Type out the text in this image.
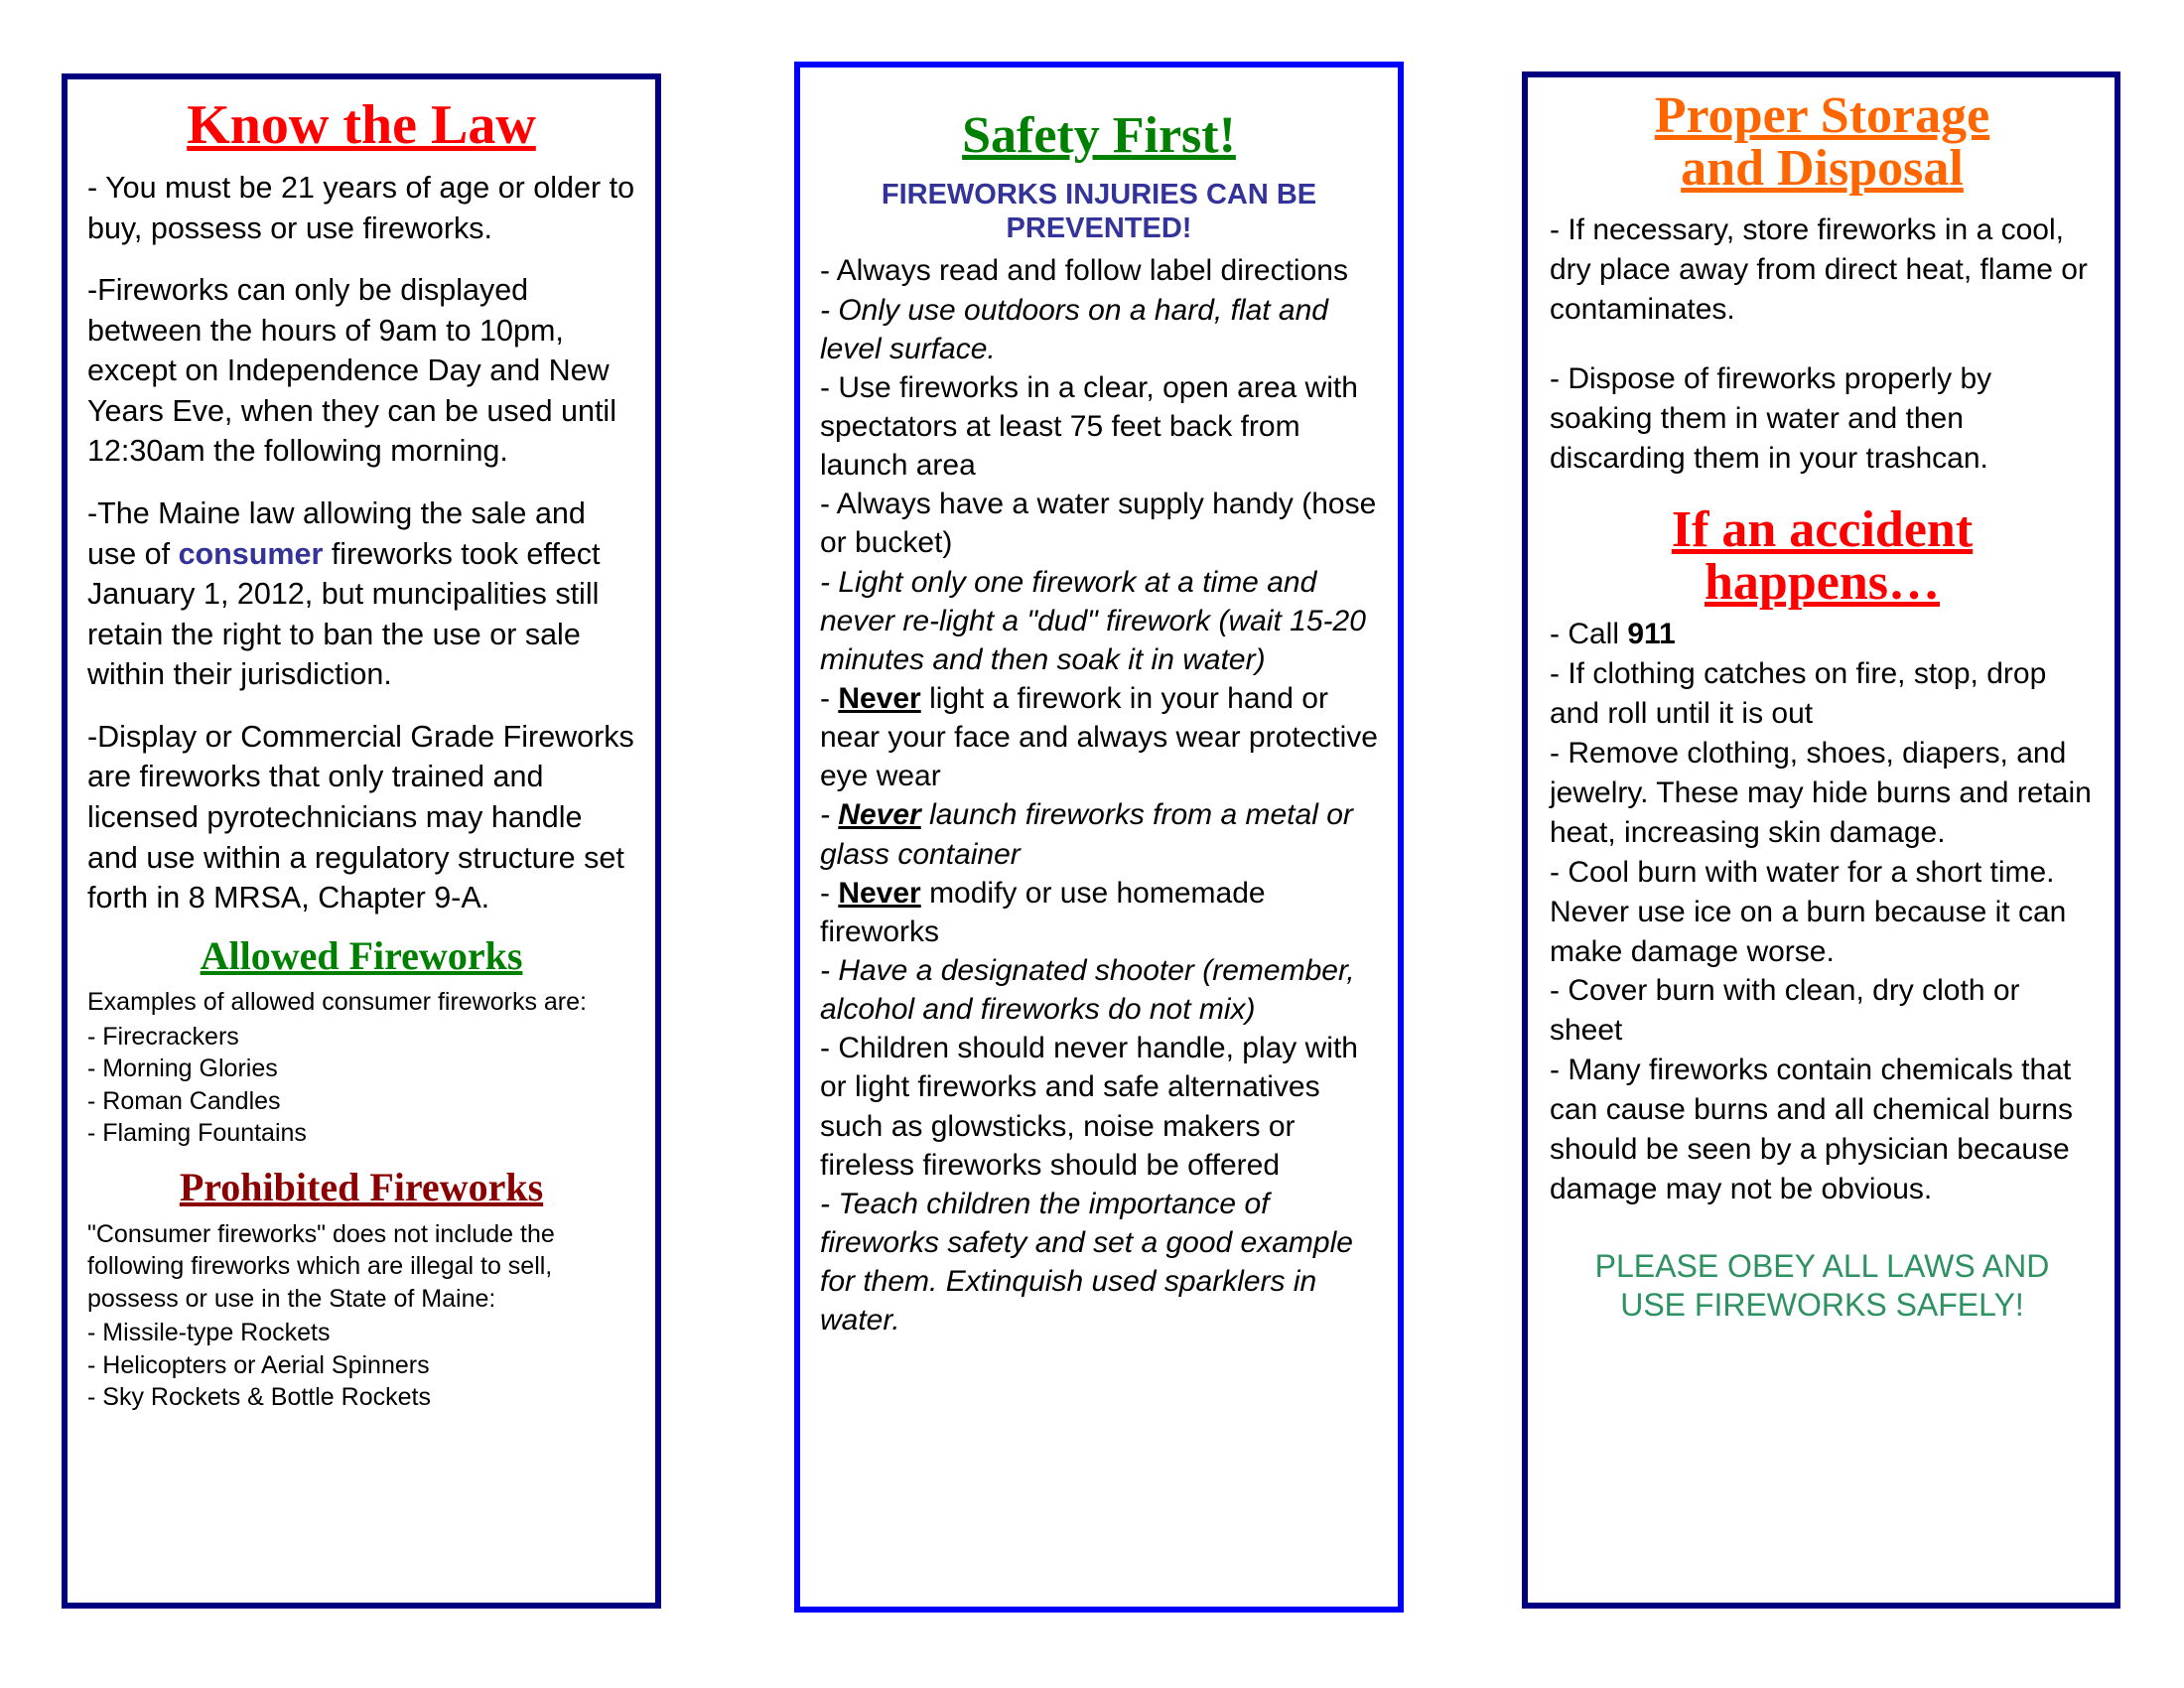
Know the Law

- You must be 21 years of age or older to buy, possess or use fireworks.

-Fireworks can only be displayed between the hours of 9am to 10pm, except on Independence Day and New Years Eve, when they can be used until 12:30am the following morning.

-The Maine law allowing the sale and use of consumer fireworks took effect January 1, 2012, but muncipalities still retain the right to ban the use or sale within their jurisdiction.

-Display or Commercial Grade Fireworks are fireworks that only trained and licensed pyrotechnicians may handle and use within a regulatory structure set forth in 8 MRSA, Chapter 9-A.

Allowed Fireworks

Examples of allowed consumer fireworks are:

- Firecrackers

- Morning Glories

- Roman Candles

- Flaming Fountains

Prohibited Fireworks

"Consumer fireworks" does not include the following fireworks which are illegal to sell, possess or use in the State of Maine:

- Missile-type Rockets

- Helicopters or Aerial Spinners

- Sky Rockets & Bottle Rockets

Safety First!

FIREWORKS INJURIES CAN BE PREVENTED!

- Always read and follow label directions

- Only use outdoors on a hard, flat and level surface.

- Use fireworks in a clear, open area with spectators at least 75 feet back from launch area

- Always have a water supply handy (hose or bucket)

- Light only one firework at a time and never re-light a "dud" firework (wait 15-20 minutes and then soak it in water)

- Never light a firework in your hand or near your face and always wear protective eye wear

- Never launch fireworks from a metal or glass container

- Never modify or use homemade fireworks

- Have a designated shooter (remember, alcohol and fireworks do not mix)

- Children should never handle, play with or light fireworks and safe alternatives such as glowsticks, noise makers or fireless fireworks should be offered

- Teach children the importance of fireworks safety and set a good example for them. Extinquish used sparklers in water.

Proper Storage
and Disposal

- If necessary, store fireworks in a cool, dry place away from direct heat, flame or contaminates.

- Dispose of fireworks properly by soaking them in water and then discarding them in your trashcan.

If an accident
happens…

- Call 911

- If clothing catches on fire, stop, drop and roll until it is out

- Remove clothing, shoes, diapers, and jewelry. These may hide burns and retain heat, increasing skin damage.

- Cool burn with water for a short time. Never use ice on a burn because it can make damage worse.

- Cover burn with clean, dry cloth or sheet

- Many fireworks contain chemicals that can cause burns and all chemical burns should be seen by a physician because damage may not be obvious.

PLEASE OBEY ALL LAWS AND USE FIREWORKS SAFELY!
